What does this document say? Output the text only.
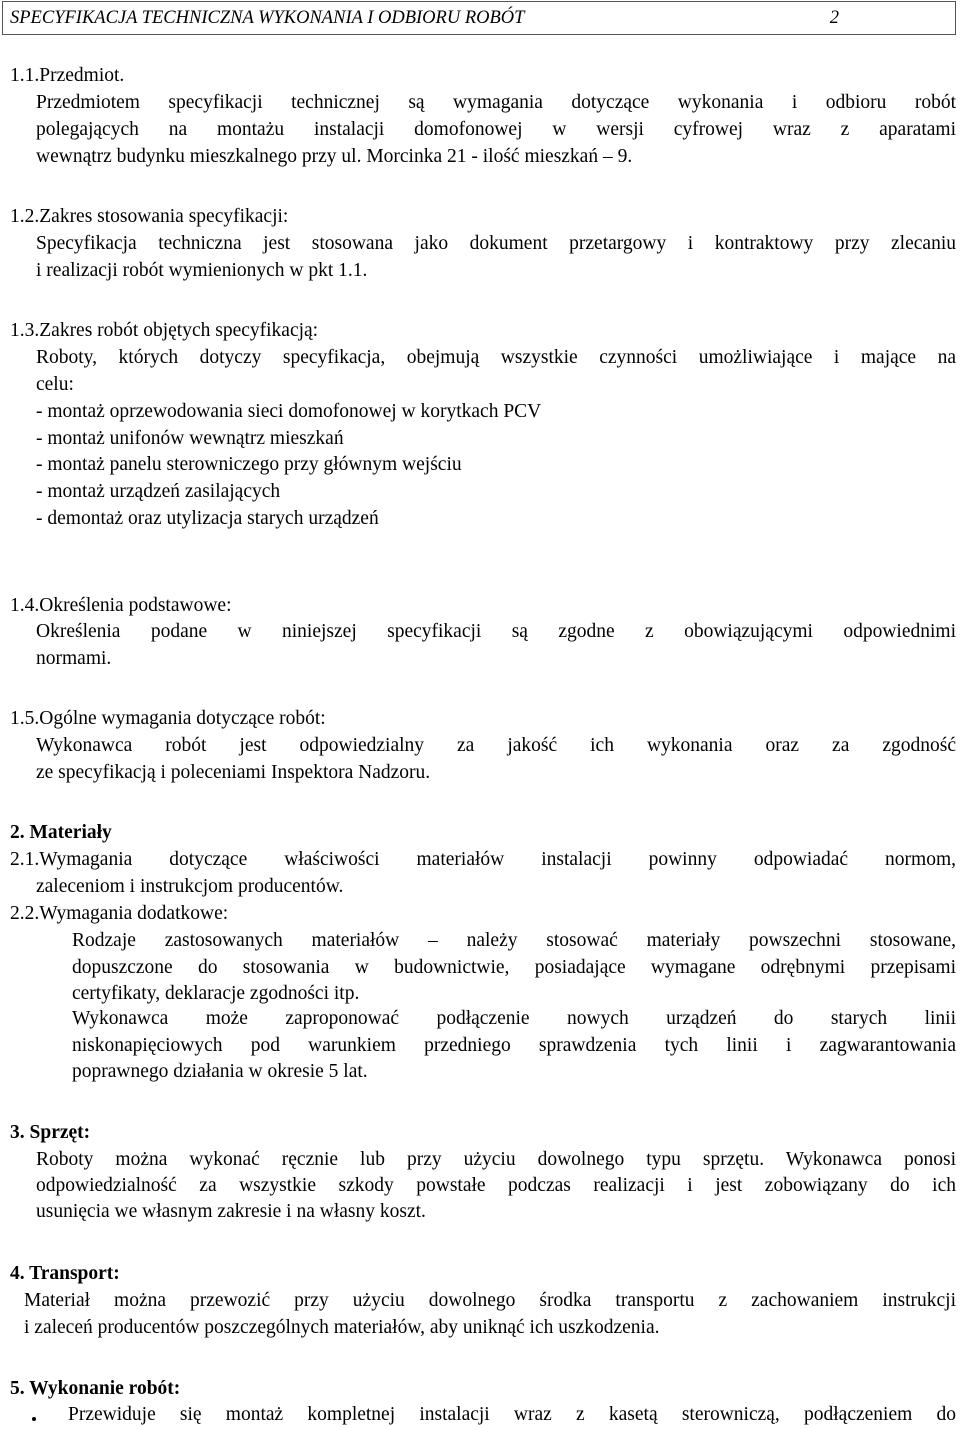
SPECYFIKACJA TECHNICZNA WYKONANIA I ODBIORU ROBÓT	2
1.1.Przedmiot.
Przedmiotem specyfikacji technicznej są wymagania dotyczące wykonania i odbioru robót
polegających na montażu instalacji domofonowej w wersji cyfrowej wraz z aparatami
wewnątrz budynku mieszkalnego przy ul. Morcinka 21 - ilość mieszkań – 9.
1.2.Zakres stosowania specyfikacji:
Specyfikacja techniczna jest stosowana jako dokument przetargowy i kontraktowy przy zlecaniu
i realizacji robót wymienionych w pkt 1.1.
1.3.Zakres robót objętych specyfikacją:
Roboty, których dotyczy specyfikacja, obejmują wszystkie czynności umożliwiające i mające na
celu:
- montaż oprzewodowania sieci domofonowej w korytkach PCV
- montaż unifonów wewnątrz mieszkań
- montaż panelu sterowniczego przy głównym wejściu
- montaż urządzeń zasilających
- demontaż oraz utylizacja starych urządzeń
1.4.Określenia podstawowe:
Określenia podane w niniejszej specyfikacji są zgodne z obowiązującymi odpowiednimi
normami.
1.5.Ogólne wymagania dotyczące robót:
Wykonawca robót jest odpowiedzialny za jakość ich wykonania oraz za zgodność
ze specyfikacją i poleceniami Inspektora Nadzoru.
2. Materiały
2.1.Wymagania dotyczące właściwości materiałów instalacji powinny odpowiadać normom,
zaleceniom i instrukcjom producentów.
2.2.Wymagania dodatkowe:
Rodzaje zastosowanych materiałów – należy stosować materiały powszechni stosowane,
dopuszczone do stosowania w budownictwie, posiadające wymagane odrębnymi przepisami
certyfikaty, deklaracje zgodności itp.
Wykonawca może zaproponować podłączenie nowych urządzeń do starych linii
niskonapięciowych pod warunkiem przedniego sprawdzenia tych linii i zagwarantowania
poprawnego działania w okresie 5 lat.
3. Sprzęt:
Roboty można wykonać ręcznie lub przy użyciu dowolnego typu sprzętu. Wykonawca ponosi
odpowiedzialność za wszystkie szkody powstałe podczas realizacji i jest zobowiązany do ich
usunięcia we własnym zakresie i na własny koszt.
4. Transport:
Materiał można przewozić przy użyciu dowolnego środka transportu z zachowaniem instrukcji
i zaleceń producentów poszczególnych materiałów, aby uniknąć ich uszkodzenia.
5. Wykonanie robót:
Przewiduje się montaż kompletnej instalacji wraz z kasetą sterowniczą, podłączeniem do
